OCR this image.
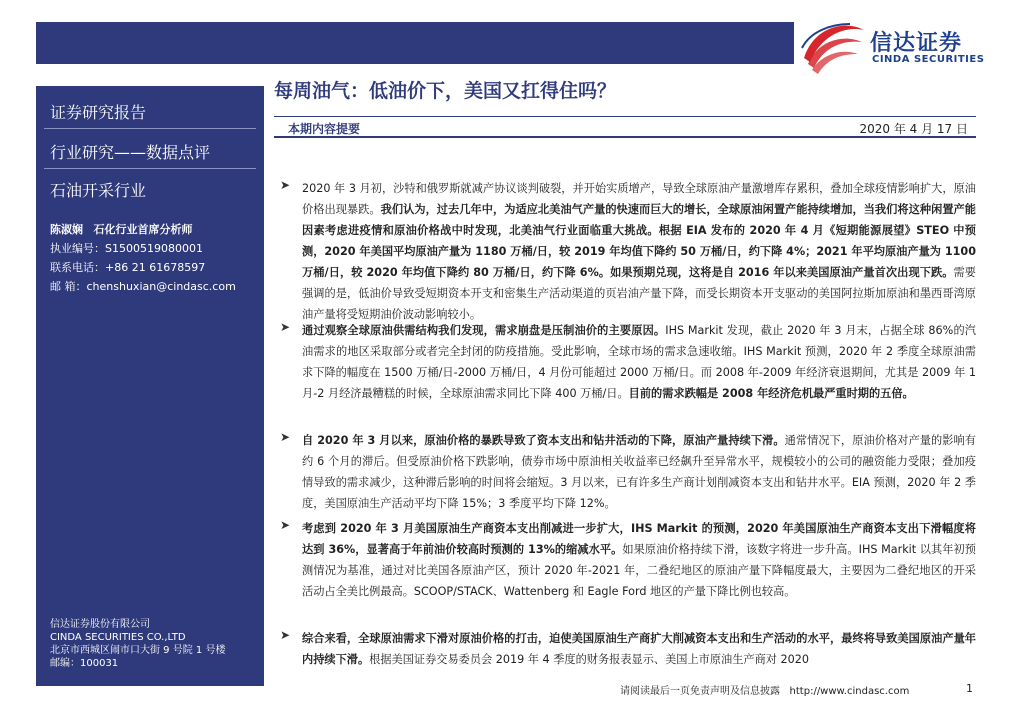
信达证券
CINDA SECURITIES
证券研究报告
行业研究——数据点评
石油开采行业
陈淑娴 石化行业首席分析师
执业编号：S1500519080001
联系电话：+86 21 61678597
邮 箱：chenshuxian@cindasc.com
信达证券股份有限公司
CINDA SECURITIES CO.,LTD
北京市西城区闹市口大街 9 号院 1 号楼
邮编：100031
每周油气：低油价下，美国又扛得住吗？
本期内容提要	2020 年 4 月 17 日
➤ 2020 年 3 月初，沙特和俄罗斯就减产协议谈判破裂，并开始实质增产，导致全球原油产量激增库存累积，叠加全球疫情影响扩大，原油价格出现暴跌。我们认为，过去几年中，为适应北美油气产量的快速而巨大的增长，全球原油闲置产能持续增加，当我们将这种闲置产能因素考虑进疫情和原油价格战中时发现，北美油气行业面临重大挑战。根据 EIA 发布的 2020 年 4 月《短期能源展望》STEO 中预测，2020 年美国平均原油产量为 1180 万桶/日，较 2019 年均值下降约 50 万桶/日，约下降 4%；2021 年平均原油产量为 1100 万桶/日，较 2020 年均值下降约 80 万桶/日，约下降 6%。如果预期兑现，这将是自 2016 年以来美国原油产量首次出现下跌。需要强调的是，低油价导致受短期资本开支和密集生产活动渠道的页岩油产量下降，而受长期资本开支驱动的美国阿拉斯加原油和墨西哥湾原油产量将受短期油价波动影响较小。
➤ 通过观察全球原油供需结构我们发现，需求崩盘是压制油价的主要原因。IHS Markit 发现，截止 2020 年 3 月末，占据全球 86%的汽油需求的地区采取部分或者完全封闭的防疫措施。受此影响，全球市场的需求急速收缩。IHS Markit 预测，2020 年 2 季度全球原油需求下降的幅度在 1500 万桶/日-2000 万桶/日，4 月份可能超过 2000 万桶/日。而 2008 年-2009 年经济衰退期间，尤其是 2009 年 1 月-2 月经济最糟糕的时候，全球原油需求同比下降 400 万桶/日。目前的需求跌幅是 2008 年经济危机最严重时期的五倍。
➤ 自 2020 年 3 月以来，原油价格的暴跌导致了资本支出和钻井活动的下降，原油产量持续下滑。通常情况下，原油价格对产量的影响有约 6 个月的滞后。但受原油价格下跌影响，债券市场中原油相关收益率已经飙升至异常水平，规模较小的公司的融资能力受限；叠加疫情导致的需求减少，这种滞后影响的时间将会缩短。3 月以来，已有许多生产商计划削减资本支出和钻井水平。EIA 预测，2020 年 2 季度，美国原油生产活动平均下降 15%；3 季度平均下降 12%。
➤ 考虑到 2020 年 3 月美国原油生产商资本支出削减进一步扩大，IHS Markit 的预测，2020 年美国原油生产商资本支出下滑幅度将达到 36%，显著高于年前油价较高时预测的 13%的缩减水平。如果原油价格持续下滑，该数字将进一步升高。IHS Markit 以其年初预测情况为基准，通过对比美国各原油产区，预计 2020 年-2021 年，二叠纪地区的原油产量下降幅度最大，主要因为二叠纪地区的开采活动占全美比例最高。SCOOP/STACK、Wattenberg 和 Eagle Ford 地区的产量下降比例也较高。
➤ 综合来看，全球原油需求下滑对原油价格的打击，迫使美国原油生产商扩大削减资本支出和生产活动的水平，最终将导致美国原油产量年内持续下滑。根据美国证券交易委员会 2019 年 4 季度的财务报表显示、美国上市原油生产商对 2020
请阅读最后一页免责声明及信息披露 http://www.cindasc.com	1
